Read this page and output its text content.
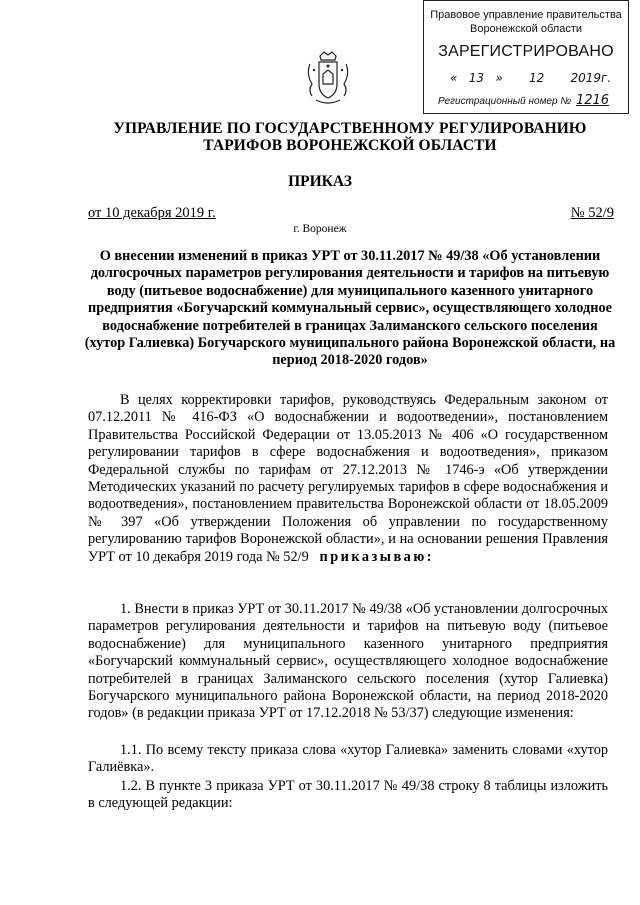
Правовое управление правительства
Воронежской области
ЗАРЕГИСТРИРОВАНО
« 13 » 12 2019г.
Регистрационный номер № 1216
УПРАВЛЕНИЕ ПО ГОСУДАРСТВЕННОМУ РЕГУЛИРОВАНИЮ
ТАРИФОВ ВОРОНЕЖСКОЙ ОБЛАСТИ
ПРИКАЗ
от 10 декабря 2019 г.	№ 52/9
г. Воронеж
О внесении изменений в приказ УРТ от 30.11.2017 № 49/38 «Об установлении долгосрочных параметров регулирования деятельности и тарифов на питьевую воду (питьевое водоснабжение) для муниципального казенного унитарного предприятия «Богучарский коммунальный сервис», осуществляющего холодное водоснабжение потребителей в границах Залиманского сельского поселения (хутор Галиевка) Богучарского муниципального района Воронежской области, на период 2018-2020 годов»
В целях корректировки тарифов, руководствуясь Федеральным законом от 07.12.2011 № 416-ФЗ «О водоснабжении и водоотведении», постановлением Правительства Российской Федерации от 13.05.2013 № 406 «О государственном регулировании тарифов в сфере водоснабжения и водоотведения», приказом Федеральной службы по тарифам от 27.12.2013 № 1746-э «Об утверждении Методических указаний по расчету регулируемых тарифов в сфере водоснабжения и водоотведения», постановлением правительства Воронежской области от 18.05.2009 № 397 «Об утверждении Положения об управлении по государственному регулированию тарифов Воронежской области», и на основании решения Правления УРТ от 10 декабря 2019 года № 52/9 приказываю:
1. Внести в приказ УРТ от 30.11.2017 № 49/38 «Об установлении долгосрочных параметров регулирования деятельности и тарифов на питьевую воду (питьевое водоснабжение) для муниципального казенного унитарного предприятия «Богучарский коммунальный сервис», осуществляющего холодное водоснабжение потребителей в границах Залиманского сельского поселения (хутор Галиевка) Богучарского муниципального района Воронежской области, на период 2018-2020 годов» (в редакции приказа УРТ от 17.12.2018 № 53/37) следующие изменения:
1.1. По всему тексту приказа слова «хутор Галиевка» заменить словами «хутор Галиёвка».
1.2. В пункте 3 приказа УРТ от 30.11.2017 № 49/38 строку 8 таблицы изложить в следующей редакции:
